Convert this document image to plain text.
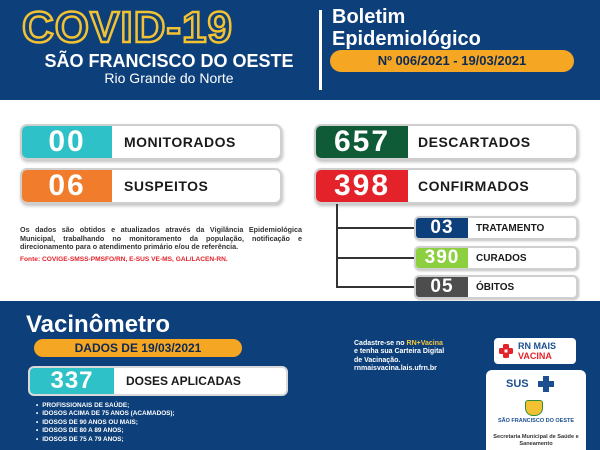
COVID-19
SÃO FRANCISCO DO OESTE
Rio Grande do Norte
Boletim
Epidemiológico
Nº 006/2021 - 19/03/2021
00	MONITORADOS
06	SUSPEITOS
657	DESCARTADOS
398	CONFIRMADOS
03	TRATAMENTO
390	CURADOS
05	ÓBITOS
Os dados são obtidos e atualizados através da Vigilância Epidemiológica Municipal, trabalhando no monitoramento da população, notificação e direcionamento para o atendimento primário e/ou de referência.
Fonte: COVIGE-SMSS-PMSFO/RN, E-SUS VE-MS, GAL/LACEN-RN.
Vacinômetro
DADOS DE 19/03/2021
337	DOSES APLICADAS
• PROFISSIONAIS DE SAÚDE;
• IDOSOS ACIMA DE 75 ANOS (ACAMADOS);
• IDOSOS DE 90 ANOS OU MAIS;
• IDOSOS DE 80 A 89 ANOS;
• IDOSOS DE 75 A 79 ANOS;
Cadastre-se no RN+Vacina
e tenha sua Carteira Digital
de Vacinação.
rnmaisvacina.lais.ufrn.br
RN MAIS
VACINA
SUS
SÃO FRANCISCO DO OESTE
Secretaria Municipal de Saúde e Saneamento
